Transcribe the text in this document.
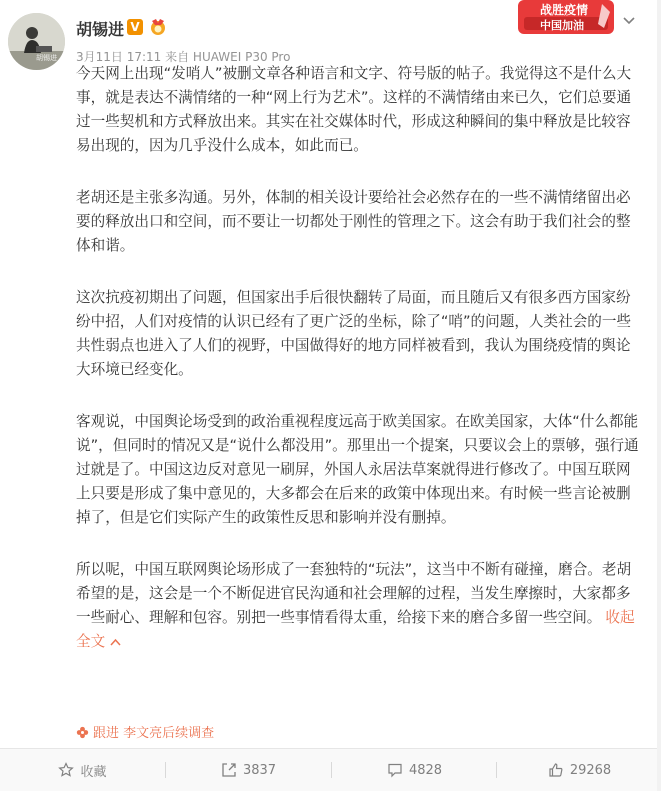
胡锡进
胡锡进 V
3月11日 17:11 来自 HUAWEI P30 Pro
战胜疫情
中国加油

今天网上出现“发哨人”被删文章各种语言和文字、符号版的帖子。我觉得这不是什么大事，就是表达不满情绪的一种“网上行为艺术”。这样的不满情绪由来已久，它们总要通过一些契机和方式释放出来。其实在社交媒体时代，形成这种瞬间的集中释放是比较容易出现的，因为几乎没什么成本，如此而已。

老胡还是主张多沟通。另外，体制的相关设计要给社会必然存在的一些不满情绪留出必要的释放出口和空间，而不要让一切都处于刚性的管理之下。这会有助于我们社会的整体和谐。

这次抗疫初期出了问题，但国家出手后很快翻转了局面，而且随后又有很多西方国家纷纷中招，人们对疫情的认识已经有了更广泛的坐标，除了“哨”的问题，人类社会的一些共性弱点也进入了人们的视野，中国做得好的地方同样被看到，我认为围绕疫情的舆论大环境已经变化。

客观说，中国舆论场受到的政治重视程度远高于欧美国家。在欧美国家，大体“什么都能说”，但同时的情况又是“说什么都没用”。那里出一个提案，只要议会上的票够，强行通过就是了。中国这边反对意见一刷屏，外国人永居法草案就得进行修改了。中国互联网上只要是形成了集中意见的，大多都会在后来的政策中体现出来。有时候一些言论被删掉了，但是它们实际产生的政策性反思和影响并没有删掉。

所以呢，中国互联网舆论场形成了一套独特的“玩法”，这当中不断有碰撞，磨合。老胡希望的是，这会是一个不断促进官民沟通和社会理解的过程，当发生摩擦时，大家都多一些耐心、理解和包容。别把一些事情看得太重，给接下来的磨合多留一些空间。 收起全文

跟进 李文亮后续调查
收藏	3837	4828	29268
